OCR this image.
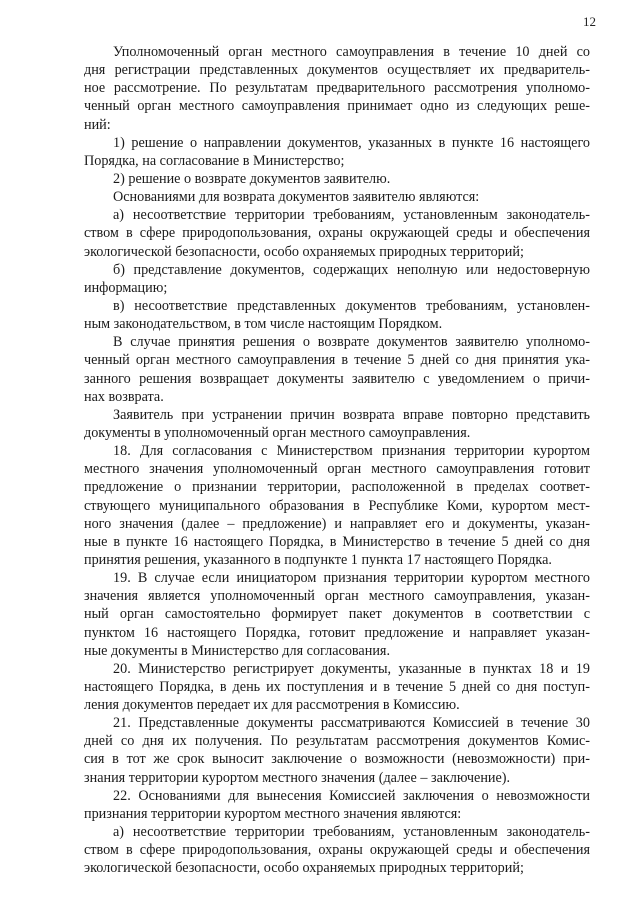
12
Уполномоченный орган местного самоуправления в течение 10 дней со
дня регистрации представленных документов осуществляет их предваритель-
ное рассмотрение. По результатам предварительного рассмотрения уполномо-
ченный орган местного самоуправления принимает одно из следующих реше-
ний:
1) решение о направлении документов, указанных в пункте 16 настоящего
Порядка, на согласование в Министерство;
2) решение о возврате документов заявителю.
Основаниями для возврата документов заявителю являются:
а) несоответствие территории требованиям, установленным законодатель-
ством в сфере природопользования, охраны окружающей среды и обеспечения
экологической безопасности, особо охраняемых природных территорий;
б) представление документов, содержащих неполную или недостоверную
информацию;
в) несоответствие представленных документов требованиям, установлен-
ным законодательством, в том числе настоящим Порядком.
В случае принятия решения о возврате документов заявителю уполномо-
ченный орган местного самоуправления в течение 5 дней со дня принятия ука-
занного решения возвращает документы заявителю с уведомлением о причи-
нах возврата.
Заявитель при устранении причин возврата вправе повторно представить
документы в уполномоченный орган местного самоуправления.
18. Для согласования с Министерством признания территории курортом
местного значения уполномоченный орган местного самоуправления готовит
предложение о признании территории, расположенной в пределах соответ-
ствующего муниципального образования в Республике Коми, курортом мест-
ного значения (далее – предложение) и направляет его и документы, указан-
ные в пункте 16 настоящего Порядка, в Министерство в течение 5 дней со дня
принятия решения, указанного в подпункте 1 пункта 17 настоящего Порядка.
19. В случае если инициатором признания территории курортом местного
значения является уполномоченный орган местного самоуправления, указан-
ный орган самостоятельно формирует пакет документов в соответствии с
пунктом 16 настоящего Порядка, готовит предложение и направляет указан-
ные документы в Министерство для согласования.
20. Министерство регистрирует документы, указанные в пунктах 18 и 19
настоящего Порядка, в день их поступления и в течение 5 дней со дня поступ-
ления документов передает их для рассмотрения в Комиссию.
21. Представленные документы рассматриваются Комиссией в течение 30
дней со дня их получения. По результатам рассмотрения документов Комис-
сия в тот же срок выносит заключение о возможности (невозможности) при-
знания территории курортом местного значения (далее – заключение).
22. Основаниями для вынесения Комиссией заключения о невозможности
признания территории курортом местного значения являются:
а) несоответствие территории требованиям, установленным законодатель-
ством в сфере природопользования, охраны окружающей среды и обеспечения
экологической безопасности, особо охраняемых природных территорий;
